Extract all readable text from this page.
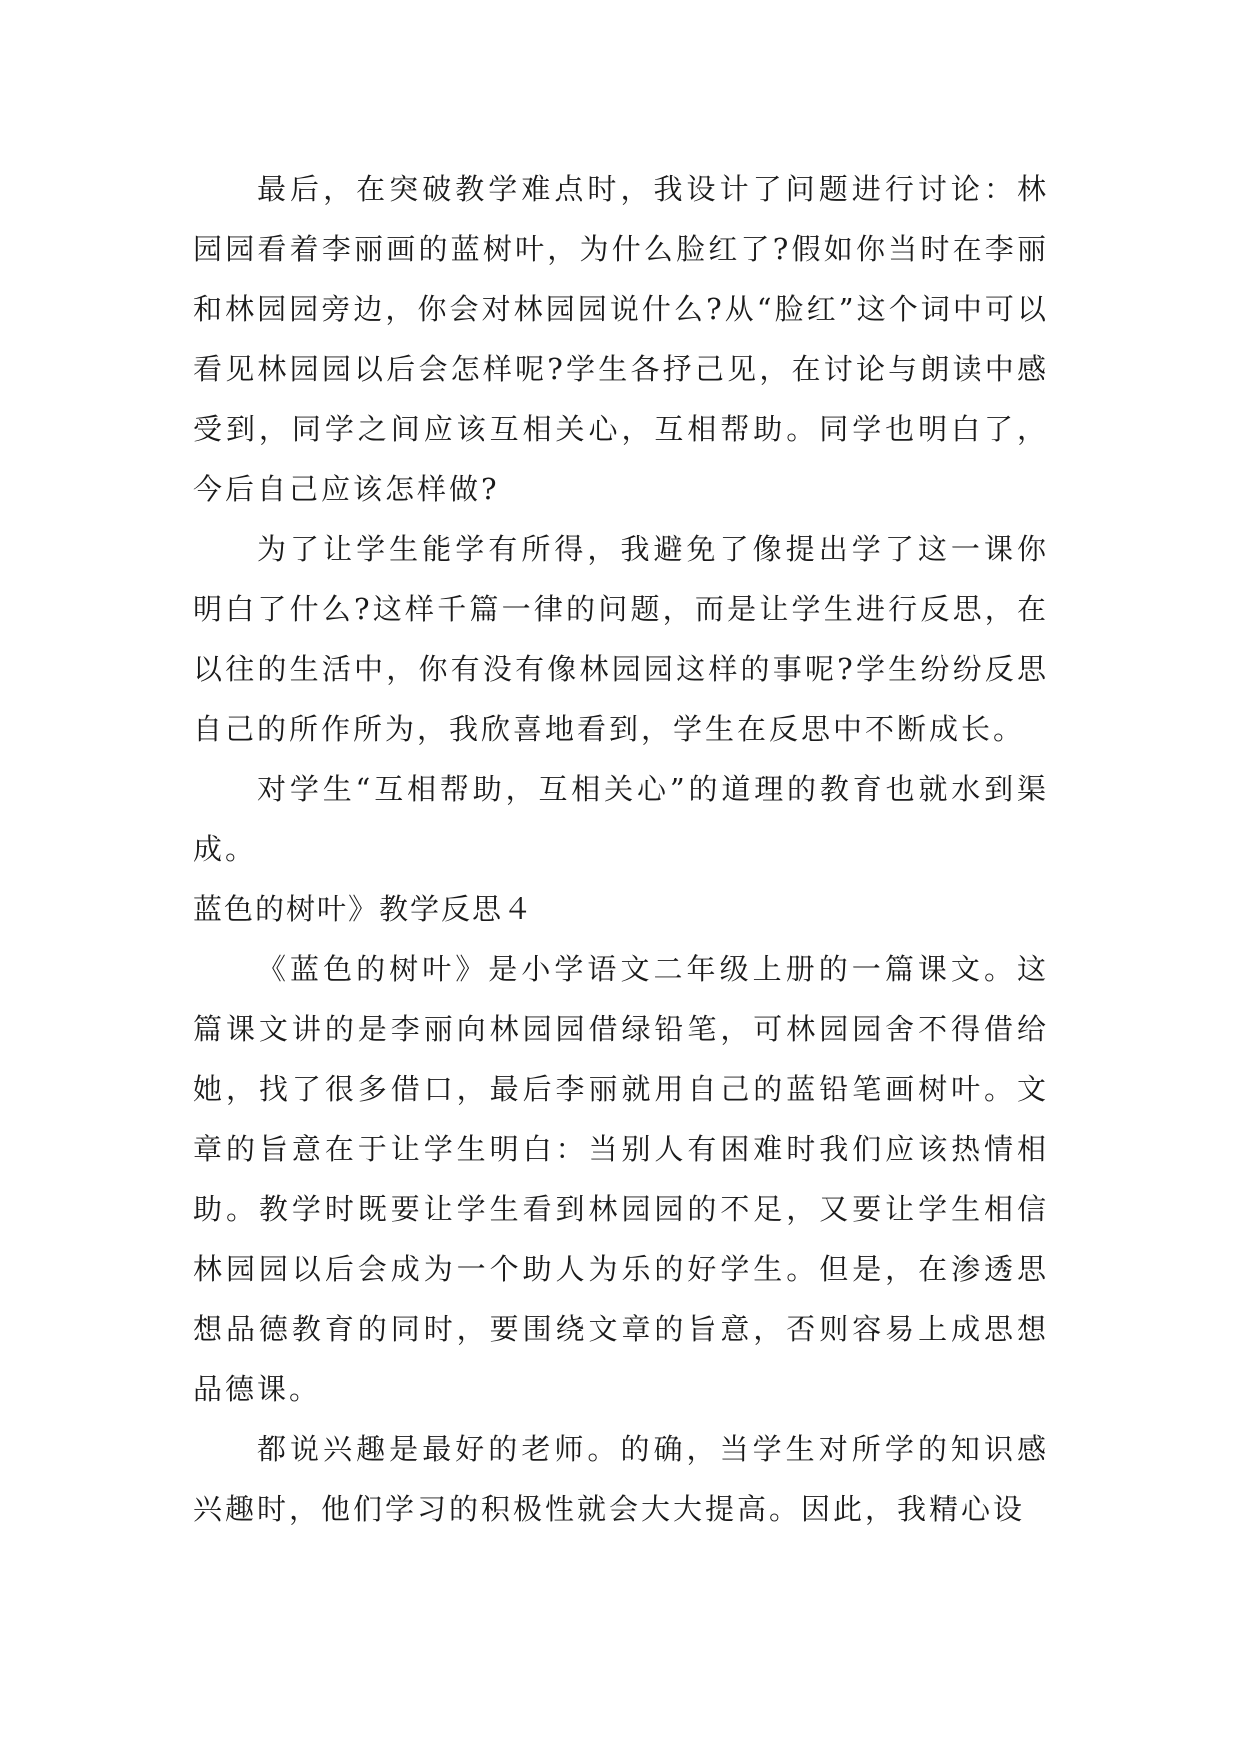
最后，在突破教学难点时，我设计了问题进行讨论：林园园看着李丽画的蓝树叶，为什么脸红了?假如你当时在李丽和林园园旁边，你会对林园园说什么?从“脸红”这个词中可以看见林园园以后会怎样呢?学生各抒己见，在讨论与朗读中感受到，同学之间应该互相关心，互相帮助。同学也明白了，今后自己应该怎样做?

为了让学生能学有所得，我避免了像提出学了这一课你明白了什么?这样千篇一律的问题，而是让学生进行反思，在以往的生活中，你有没有像林园园这样的事呢?学生纷纷反思自己的所作所为，我欣喜地看到，学生在反思中不断成长。

对学生“互相帮助，互相关心”的道理的教育也就水到渠成。

蓝色的树叶》教学反思４

《蓝色的树叶》是小学语文二年级上册的一篇课文。这篇课文讲的是李丽向林园园借绿铅笔，可林园园舍不得借给她，找了很多借口，最后李丽就用自己的蓝铅笔画树叶。文章的旨意在于让学生明白：当别人有困难时我们应该热情相助。教学时既要让学生看到林园园的不足，又要让学生相信林园园以后会成为一个助人为乐的好学生。但是，在渗透思想品德教育的同时，要围绕文章的旨意，否则容易上成思想品德课。

都说兴趣是最好的老师。的确，当学生对所学的知识感兴趣时，他们学习的积极性就会大大提高。因此，我精心设
